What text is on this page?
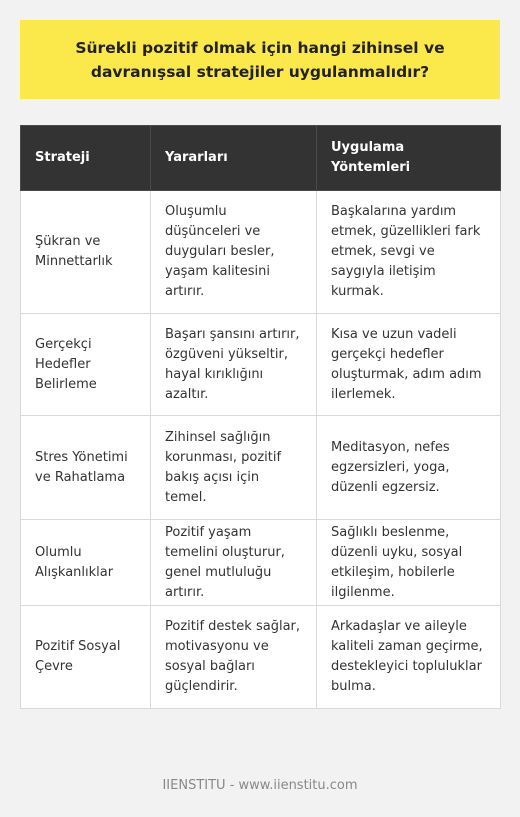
Sürekli pozitif olmak için hangi zihinsel ve davranışsal stratejiler uygulanmalıdır?
Strateji	Yararları	Uygulama Yöntemleri
Şükran ve Minnettarlık	Oluşumlu düşünceleri ve duyguları besler, yaşam kalitesini artırır.	Başkalarına yardım etmek, güzellikleri fark etmek, sevgi ve saygıyla iletişim kurmak.
Gerçekçi Hedefler Belirleme	Başarı şansını artırır, özgüveni yükseltir, hayal kırıklığını azaltır.	Kısa ve uzun vadeli gerçekçi hedefler oluşturmak, adım adım ilerlemek.
Stres Yönetimi ve Rahatlama	Zihinsel sağlığın korunması, pozitif bakış açısı için temel.	Meditasyon, nefes egzersizleri, yoga, düzenli egzersiz.
Olumlu Alışkanlıklar	Pozitif yaşam temelini oluşturur, genel mutluluğu artırır.	Sağlıklı beslenme, düzenli uyku, sosyal etkileşim, hobilerle ilgilenme.
Pozitif Sosyal Çevre	Pozitif destek sağlar, motivasyonu ve sosyal bağları güçlendirir.	Arkadaşlar ve aileyle kaliteli zaman geçirme, destekleyici topluluklar bulma.
IIENSTITU - www.iienstitu.com
